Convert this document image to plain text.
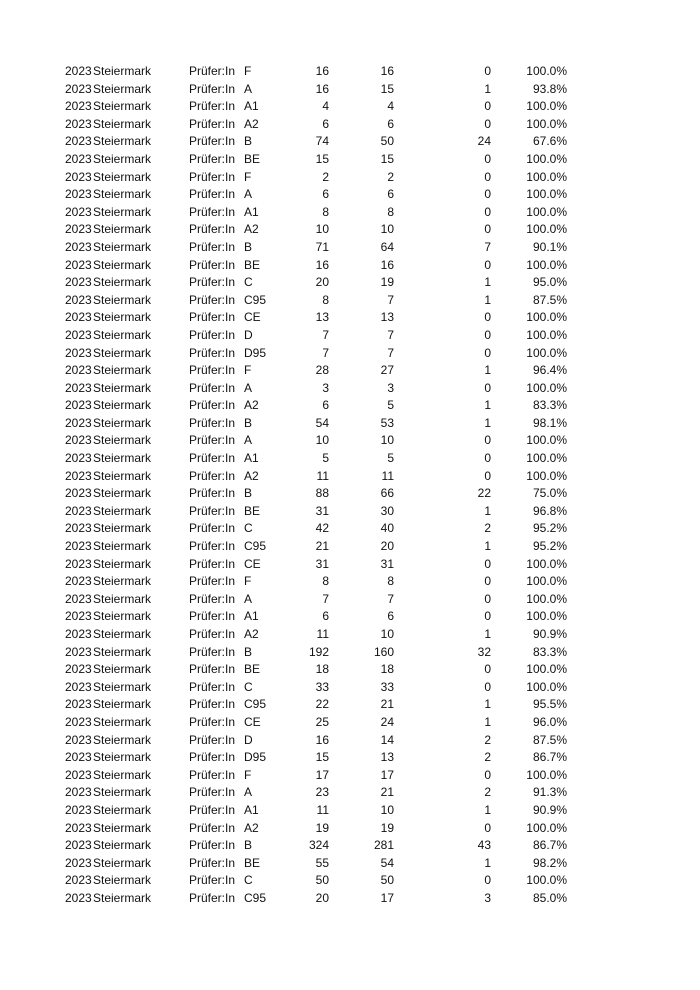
2023 Steiermark	Prüfer:In F	16	16	0	100.0%
2023 Steiermark	Prüfer:In A	16	15	1	93.8%
2023 Steiermark	Prüfer:In A1	4	4	0	100.0%
2023 Steiermark	Prüfer:In A2	6	6	0	100.0%
2023 Steiermark	Prüfer:In B	74	50	24	67.6%
2023 Steiermark	Prüfer:In BE	15	15	0	100.0%
2023 Steiermark	Prüfer:In F	2	2	0	100.0%
2023 Steiermark	Prüfer:In A	6	6	0	100.0%
2023 Steiermark	Prüfer:In A1	8	8	0	100.0%
2023 Steiermark	Prüfer:In A2	10	10	0	100.0%
2023 Steiermark	Prüfer:In B	71	64	7	90.1%
2023 Steiermark	Prüfer:In BE	16	16	0	100.0%
2023 Steiermark	Prüfer:In C	20	19	1	95.0%
2023 Steiermark	Prüfer:In C95	8	7	1	87.5%
2023 Steiermark	Prüfer:In CE	13	13	0	100.0%
2023 Steiermark	Prüfer:In D	7	7	0	100.0%
2023 Steiermark	Prüfer:In D95	7	7	0	100.0%
2023 Steiermark	Prüfer:In F	28	27	1	96.4%
2023 Steiermark	Prüfer:In A	3	3	0	100.0%
2023 Steiermark	Prüfer:In A2	6	5	1	83.3%
2023 Steiermark	Prüfer:In B	54	53	1	98.1%
2023 Steiermark	Prüfer:In A	10	10	0	100.0%
2023 Steiermark	Prüfer:In A1	5	5	0	100.0%
2023 Steiermark	Prüfer:In A2	11	11	0	100.0%
2023 Steiermark	Prüfer:In B	88	66	22	75.0%
2023 Steiermark	Prüfer:In BE	31	30	1	96.8%
2023 Steiermark	Prüfer:In C	42	40	2	95.2%
2023 Steiermark	Prüfer:In C95	21	20	1	95.2%
2023 Steiermark	Prüfer:In CE	31	31	0	100.0%
2023 Steiermark	Prüfer:In F	8	8	0	100.0%
2023 Steiermark	Prüfer:In A	7	7	0	100.0%
2023 Steiermark	Prüfer:In A1	6	6	0	100.0%
2023 Steiermark	Prüfer:In A2	11	10	1	90.9%
2023 Steiermark	Prüfer:In B	192	160	32	83.3%
2023 Steiermark	Prüfer:In BE	18	18	0	100.0%
2023 Steiermark	Prüfer:In C	33	33	0	100.0%
2023 Steiermark	Prüfer:In C95	22	21	1	95.5%
2023 Steiermark	Prüfer:In CE	25	24	1	96.0%
2023 Steiermark	Prüfer:In D	16	14	2	87.5%
2023 Steiermark	Prüfer:In D95	15	13	2	86.7%
2023 Steiermark	Prüfer:In F	17	17	0	100.0%
2023 Steiermark	Prüfer:In A	23	21	2	91.3%
2023 Steiermark	Prüfer:In A1	11	10	1	90.9%
2023 Steiermark	Prüfer:In A2	19	19	0	100.0%
2023 Steiermark	Prüfer:In B	324	281	43	86.7%
2023 Steiermark	Prüfer:In BE	55	54	1	98.2%
2023 Steiermark	Prüfer:In C	50	50	0	100.0%
2023 Steiermark	Prüfer:In C95	20	17	3	85.0%
